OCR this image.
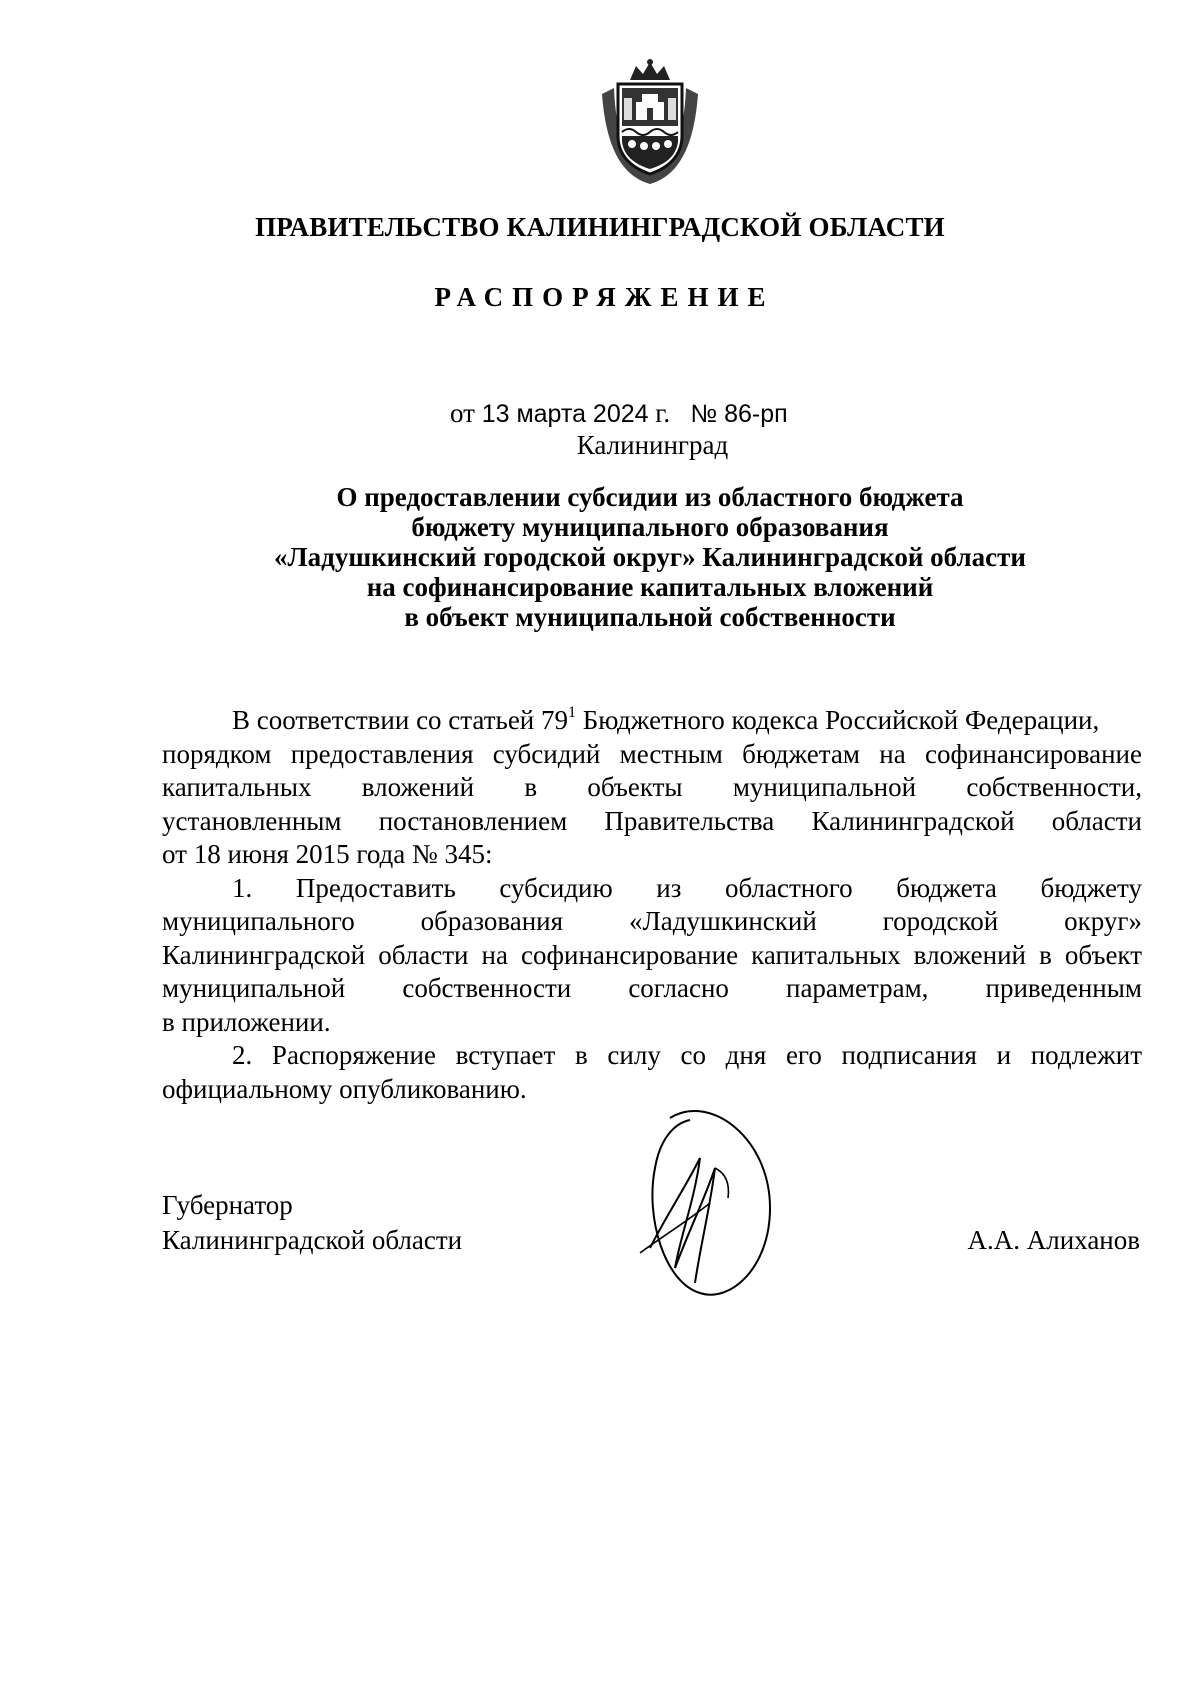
ПРАВИТЕЛЬСТВО КАЛИНИНГРАДСКОЙ ОБЛАСТИ
РАСПОРЯЖЕНИЕ
от 13 марта 2024 г. № 86-рп
Калининград
О предоставлении субсидии из областного бюджета
бюджету муниципального образования
«Ладушкинский городской округ» Калининградской области
на софинансирование капитальных вложений
в объект муниципальной собственности
В соответствии со статьей $79^1$ Бюджетного кодекса Российской Федерации,
порядком предоставления субсидий местным бюджетам на софинансирование
капитальных вложений в объекты муниципальной собственности,
установленным постановлением Правительства Калининградской области
от 18 июня 2015 года № 345:
1. Предоставить субсидию из областного бюджета бюджету
муниципального образования «Ладушкинский городской округ»
Калининградской области на софинансирование капитальных вложений в объект
муниципальной собственности согласно параметрам, приведенным
в приложении.
2. Распоряжение вступает в силу со дня его подписания и подлежит
официальному опубликованию.
Губернатор
Калининградской области	А.А. Алиханов
